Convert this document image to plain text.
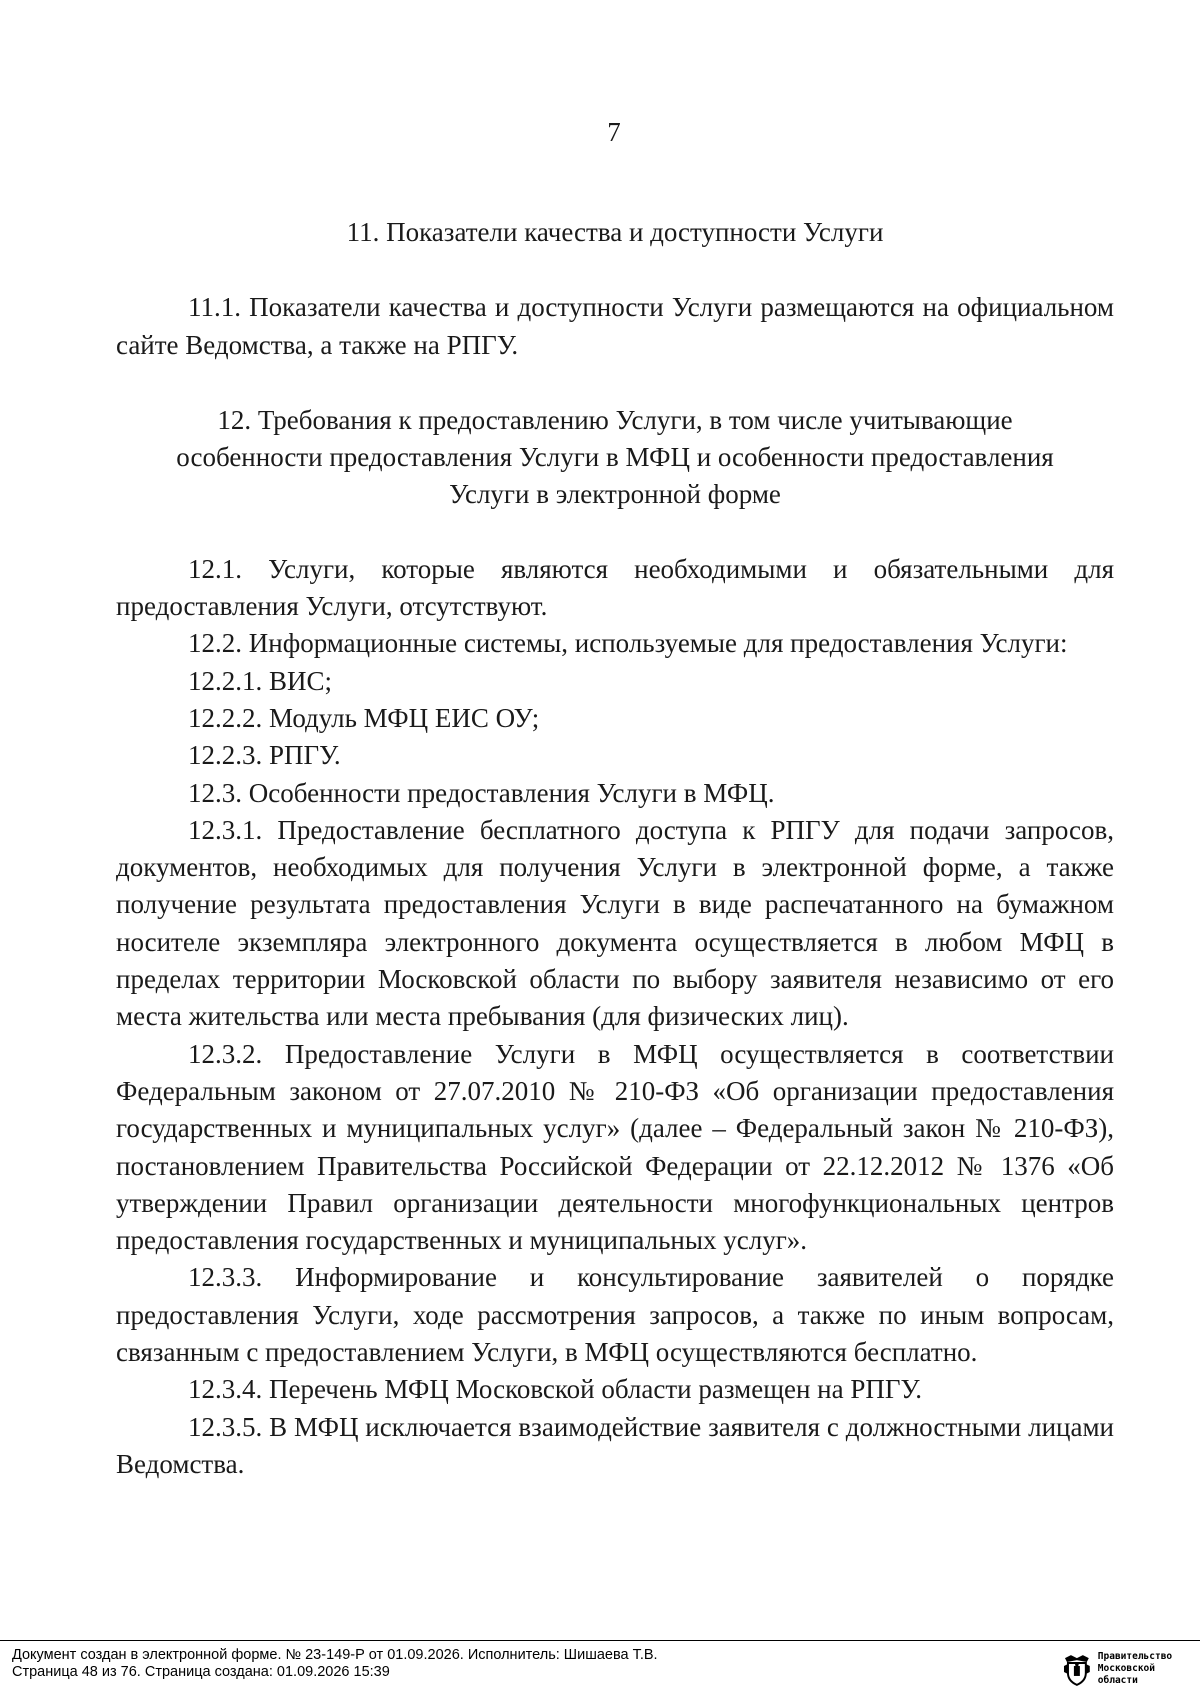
7

11. Показатели качества и доступности Услуги

11.1. Показатели качества и доступности Услуги размещаются на официальном сайте Ведомства, а также на РПГУ.

12. Требования к предоставлению Услуги, в том числе учитывающие особенности предоставления Услуги в МФЦ и особенности предоставления Услуги в электронной форме

12.1. Услуги, которые являются необходимыми и обязательными для предоставления Услуги, отсутствуют.

12.2. Информационные системы, используемые для предоставления Услуги:

12.2.1. ВИС;

12.2.2. Модуль МФЦ ЕИС ОУ;

12.2.3. РПГУ.

12.3. Особенности предоставления Услуги в МФЦ.

12.3.1. Предоставление бесплатного доступа к РПГУ для подачи запросов, документов, необходимых для получения Услуги в электронной форме, а также получение результата предоставления Услуги в виде распечатанного на бумажном носителе экземпляра электронного документа осуществляется в любом МФЦ в пределах территории Московской области по выбору заявителя независимо от его места жительства или места пребывания (для физических лиц).

12.3.2. Предоставление Услуги в МФЦ осуществляется в соответствии Федеральным законом от 27.07.2010 № 210-ФЗ «Об организации предоставления государственных и муниципальных услуг» (далее – Федеральный закон № 210-ФЗ), постановлением Правительства Российской Федерации от 22.12.2012 № 1376 «Об утверждении Правил организации деятельности многофункциональных центров предоставления государственных и муниципальных услуг».

12.3.3. Информирование и консультирование заявителей о порядке предоставления Услуги, ходе рассмотрения запросов, а также по иным вопросам, связанным с предоставлением Услуги, в МФЦ осуществляются бесплатно.

12.3.4. Перечень МФЦ Московской области размещен на РПГУ.

12.3.5. В МФЦ исключается взаимодействие заявителя с должностными лицами Ведомства.

Документ создан в электронной форме. № 23-149-Р от 01.09.2026. Исполнитель: Шишаева Т.В.
Страница 48 из 76. Страница создана: 01.09.2026 15:39
Правительство
Московской области
